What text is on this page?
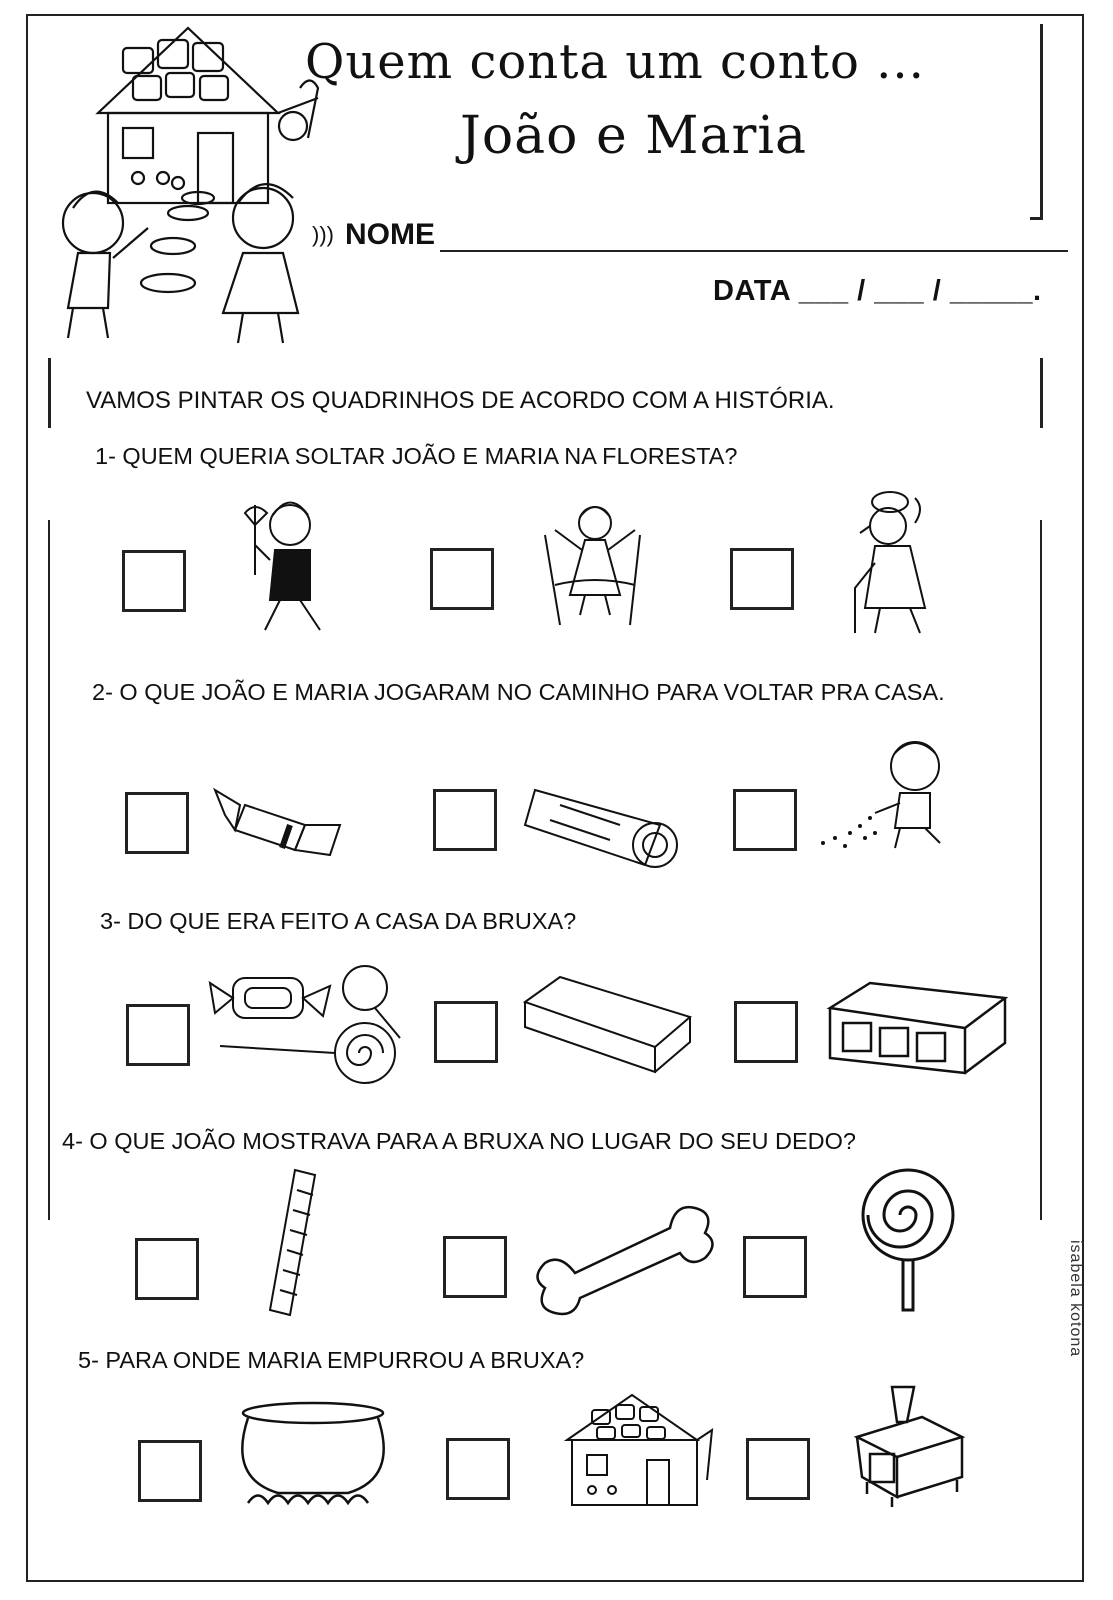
Quem conta um conto ...
João e Maria
))) NOME
DATA ___ / ___ / _____.
VAMOS PINTAR OS QUADRINHOS DE ACORDO COM A HISTÓRIA.
1- QUEM QUERIA SOLTAR JOÃO E MARIA NA FLORESTA?
2- O QUE JOÃO E MARIA JOGARAM NO CAMINHO PARA VOLTAR PRA CASA.
3- DO QUE ERA FEITO A CASA DA BRUXA?
4- O QUE JOÃO MOSTRAVA PARA A BRUXA NO LUGAR DO SEU DEDO?
5- PARA ONDE MARIA EMPURROU A BRUXA?
isabela kotona
